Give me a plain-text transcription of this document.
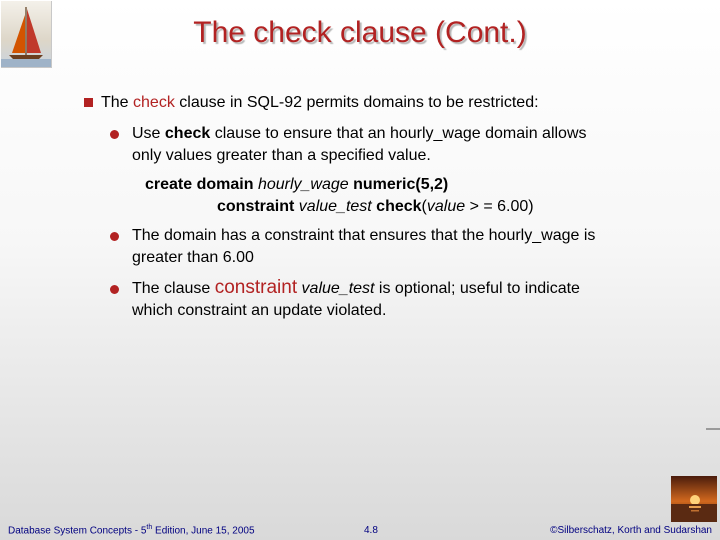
The check clause (Cont.)
The check clause in SQL-92 permits domains to be restricted:
Use check clause to ensure that an hourly_wage domain allows
only values greater than a specified value.
create domain hourly_wage numeric(5,2)
constraint value_test check(value > = 6.00)
The domain has a constraint that ensures that the hourly_wage is
greater than 6.00
The clause constraint value_test is optional; useful to indicate
which constraint an update violated.
Database System Concepts - 5th Edition, June 15, 2005	4.8	©Silberschatz, Korth and Sudarshan
